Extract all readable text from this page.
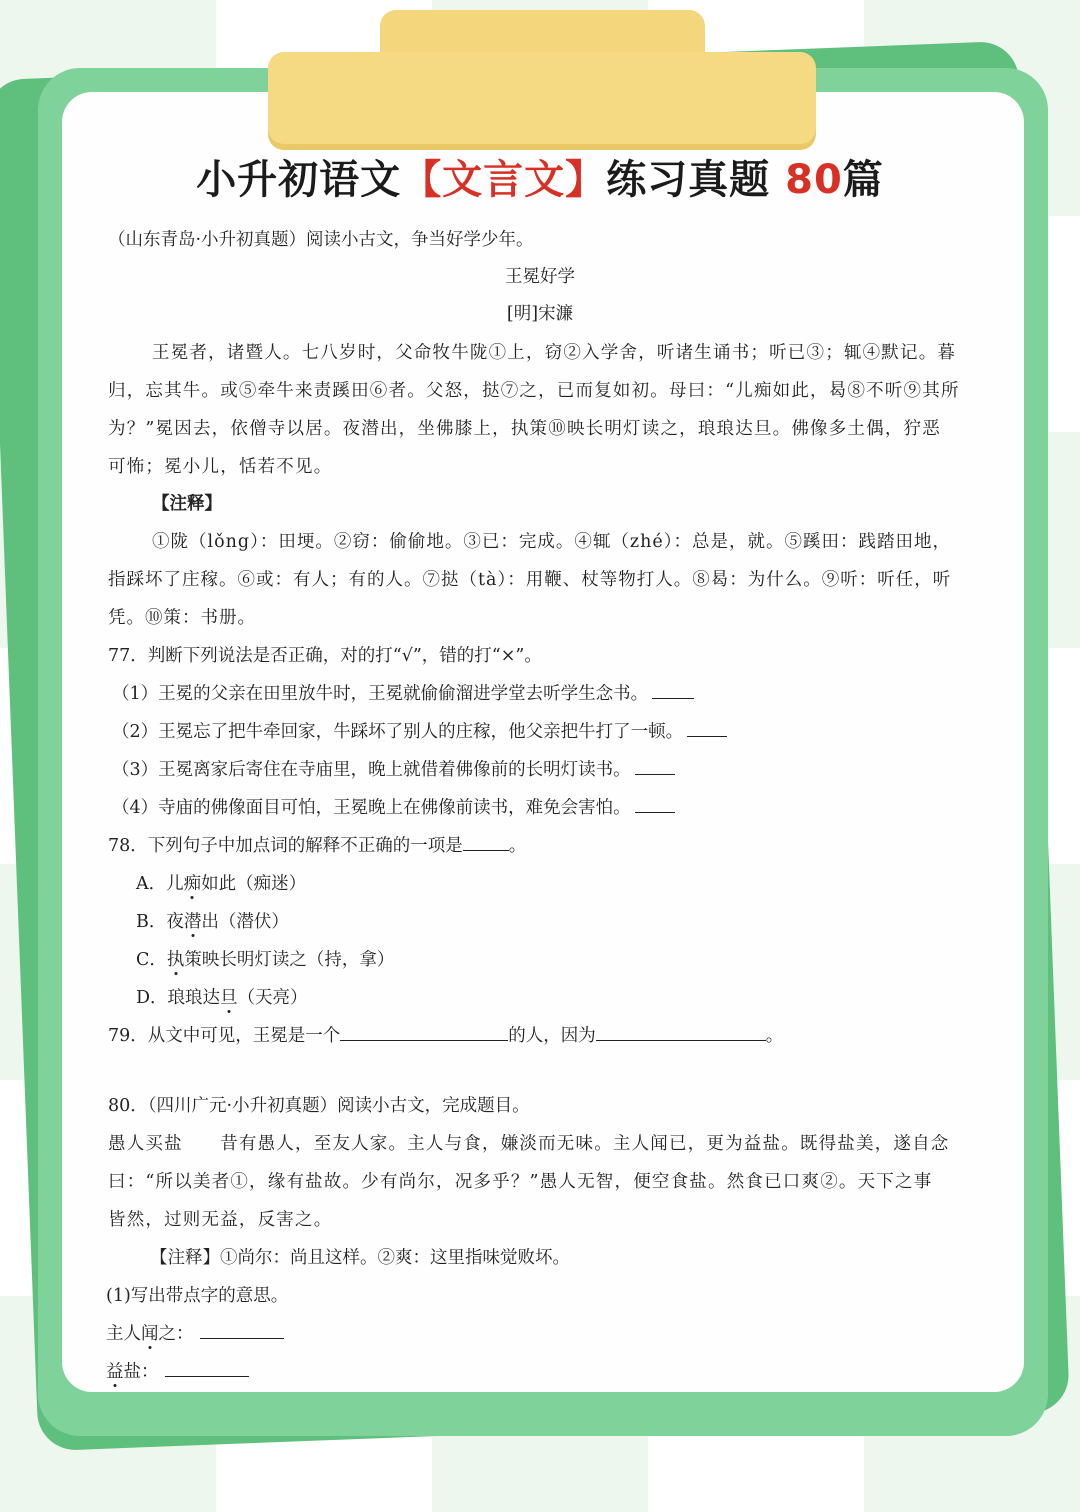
小升初语文【文言文】练习真题 80篇
（山东青岛·小升初真题）阅读小古文，争当好学少年。
王冕好学
[明]宋濂
王冕者，诸暨人。七八岁时，父命牧牛陇①上，窃②入学舍，听诸生诵书；听已③；辄④默记。暮
归，忘其牛。或⑤牵牛来责蹊田⑥者。父怒，挞⑦之，已而复如初。母曰：“儿痴如此，曷⑧不听⑨其所
为？”冕因去，依僧寺以居。夜潜出，坐佛膝上，执策⑩映长明灯读之，琅琅达旦。佛像多土偶，狞恶
可怖；冕小儿，恬若不见。
【注释】
①陇（lǒng）：田埂。②窃：偷偷地。③已：完成。④辄（zhé）：总是，就。⑤蹊田：践踏田地，
指踩坏了庄稼。⑥或：有人；有的人。⑦挞（tà）：用鞭、杖等物打人。⑧曷：为什么。⑨听：听任，听
凭。⑩策：书册。
77．判断下列说法是否正确，对的打“√”，错的打“×”。
（1）王冕的父亲在田里放牛时，王冕就偷偷溜进学堂去听学生念书。
（2）王冕忘了把牛牵回家，牛踩坏了别人的庄稼，他父亲把牛打了一顿。
（3）王冕离家后寄住在寺庙里，晚上就借着佛像前的长明灯读书。
（4）寺庙的佛像面目可怕，王冕晚上在佛像前读书，难免会害怕。
78．下列句子中加点词的解释不正确的一项是	。
A．儿痴如此（痴迷）
B．夜潜出（潜伏）
C．执策映长明灯读之（持，拿）
D．琅琅达旦（天亮）
79．从文中可见，王冕是一个	的人，因为	。
80．（四川广元·小升初真题）阅读小古文，完成题目。
愚人买盐　　昔有愚人，至友人家。主人与食，嫌淡而无味。主人闻已，更为益盐。既得盐美，遂自念
曰：“所以美者①，缘有盐故。少有尚尔，况多乎？”愚人无智，便空食盐。然食已口爽②。天下之事
皆然，过则无益，反害之。
【注释】①尚尔：尚且这样。②爽：这里指味觉败坏。
(1)写出带点字的意思。
主人闻之：
益盐：
